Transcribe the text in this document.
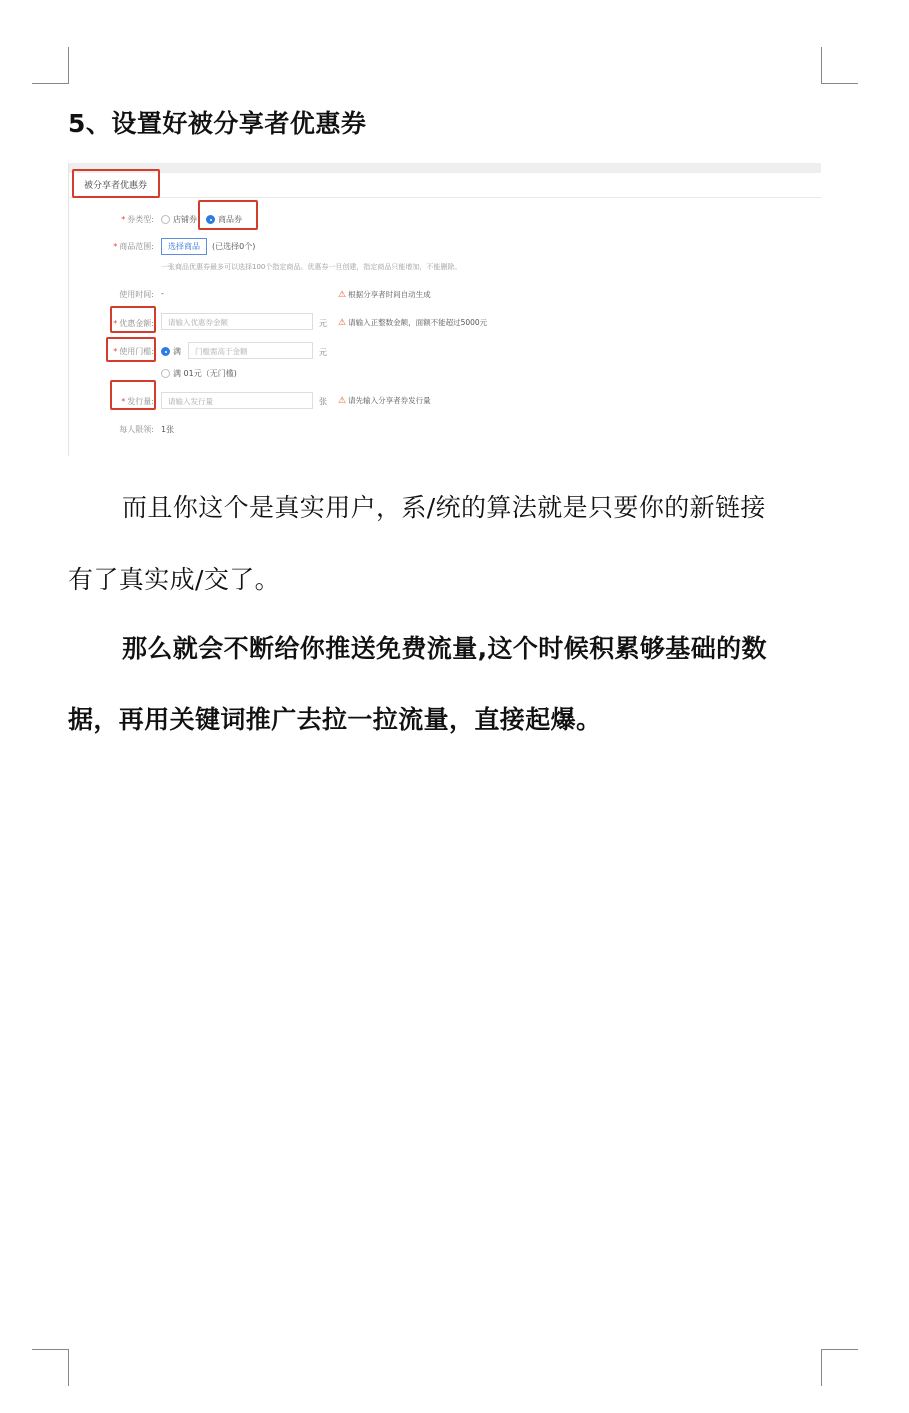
5、设置好被分享者优惠券
被分享者优惠券
* 券类型: 店铺券	商品券
* 商品范围:	选择商品	(已选择0个)
一张商品优惠券最多可以选择100个指定商品。优惠券一旦创建，指定商品只能增加，不能删除。
使用时间: -	⚠ 根据分享者时间自动生成
* 优惠金额:	请输入优惠券金额	元 ⚠ 请输入正整数金额，面额不能超过5000元
* 使用门槛: 满	门槛需高于金额	元
满 01元（无门槛)
* 发行量:	请输入发行量	张 ⚠ 请先输入分享者券发行量
每人限领: 1张
而且你这个是真实用户，系/统的算法就是只要你的新链接
有了真实成/交了。
那么就会不断给你推送免费流量,这个时候积累够基础的数
据，再用关键词推广去拉一拉流量，直接起爆。
